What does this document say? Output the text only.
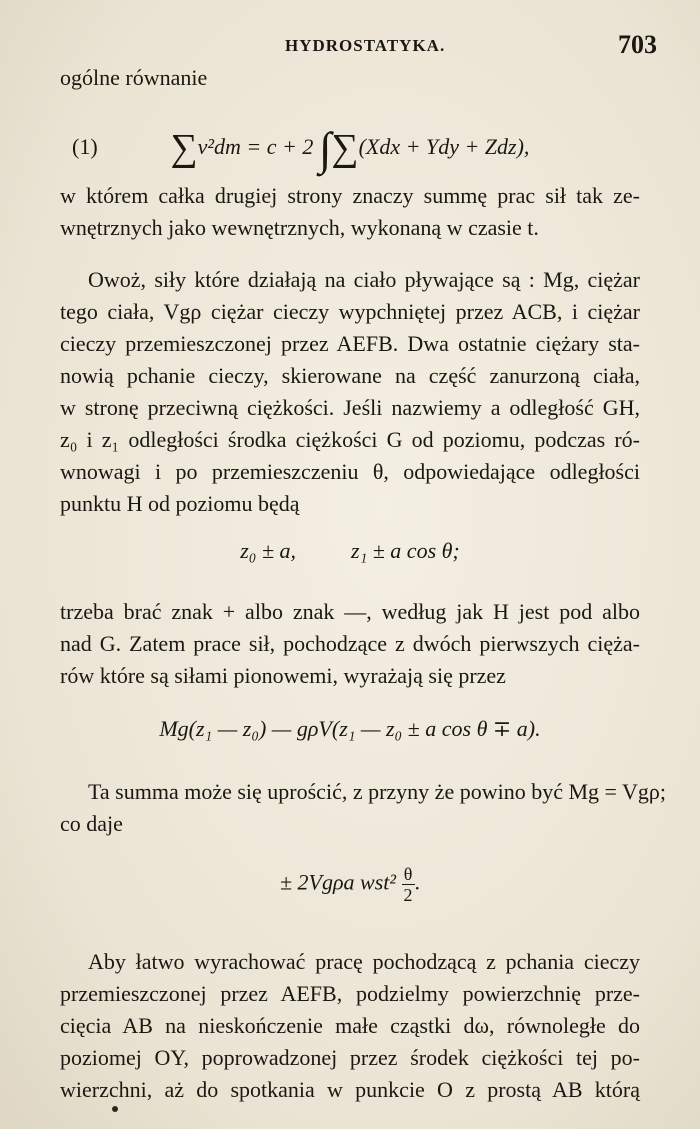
HYDROSTATYKA.	703
ogólne równanie
(1)	∑v²dm = c + 2 ∫∑(Xdx + Ydy + Zdz),
w którem całka drugiej strony znaczy summę prac sił tak ze-
wnętrznych jako wewnętrznych, wykonaną w czasie t.
Owoż, siły które działają na ciało pływające są : Mg, ciężar
tego ciała, Vgρ ciężar cieczy wypchniętej przez ACB, i ciężar
cieczy przemieszczonej przez AEFB. Dwa ostatnie ciężary sta-
nowią pchanie cieczy, skierowane na część zanurzoną ciała,
w stronę przeciwną ciężkości. Jeśli nazwiemy a odległość GH,
z₀ i z₁ odległości środka ciężkości G od poziomu, podczas ró-
wnowagi i po przemieszczeniu θ, odpowiedające odległości
punktu H od poziomu będą
z₀ ± a,          z₁ ± a cos θ;
trzeba brać znak + albo znak —, według jak H jest pod albo
nad G. Zatem prace sił, pochodzące z dwóch pierwszych cięża-
rów które są siłami pionowemi, wyrażają się przez
Mg(z₁ — z₀) — gρV(z₁ — z₀ ± a cos θ ∓ a).
Ta summa może się uprościć, z przyny że powino być Mg = Vgρ;
co daje
± 2Vgρa $wst^2 \frac{\theta}{2}$ .
Aby łatwo wyrachować pracę pochodzącą z pchania cieczy
przemieszczonej przez AEFB, podzielmy powierzchnię prze-
cięcia AB na nieskończenie małe cząstki dω, równoległe do
poziomej OY, poprowadzonej przez środek ciężkości tej po-
wierzchni, aż do spotkania w punkcie O z prostą AB którą
